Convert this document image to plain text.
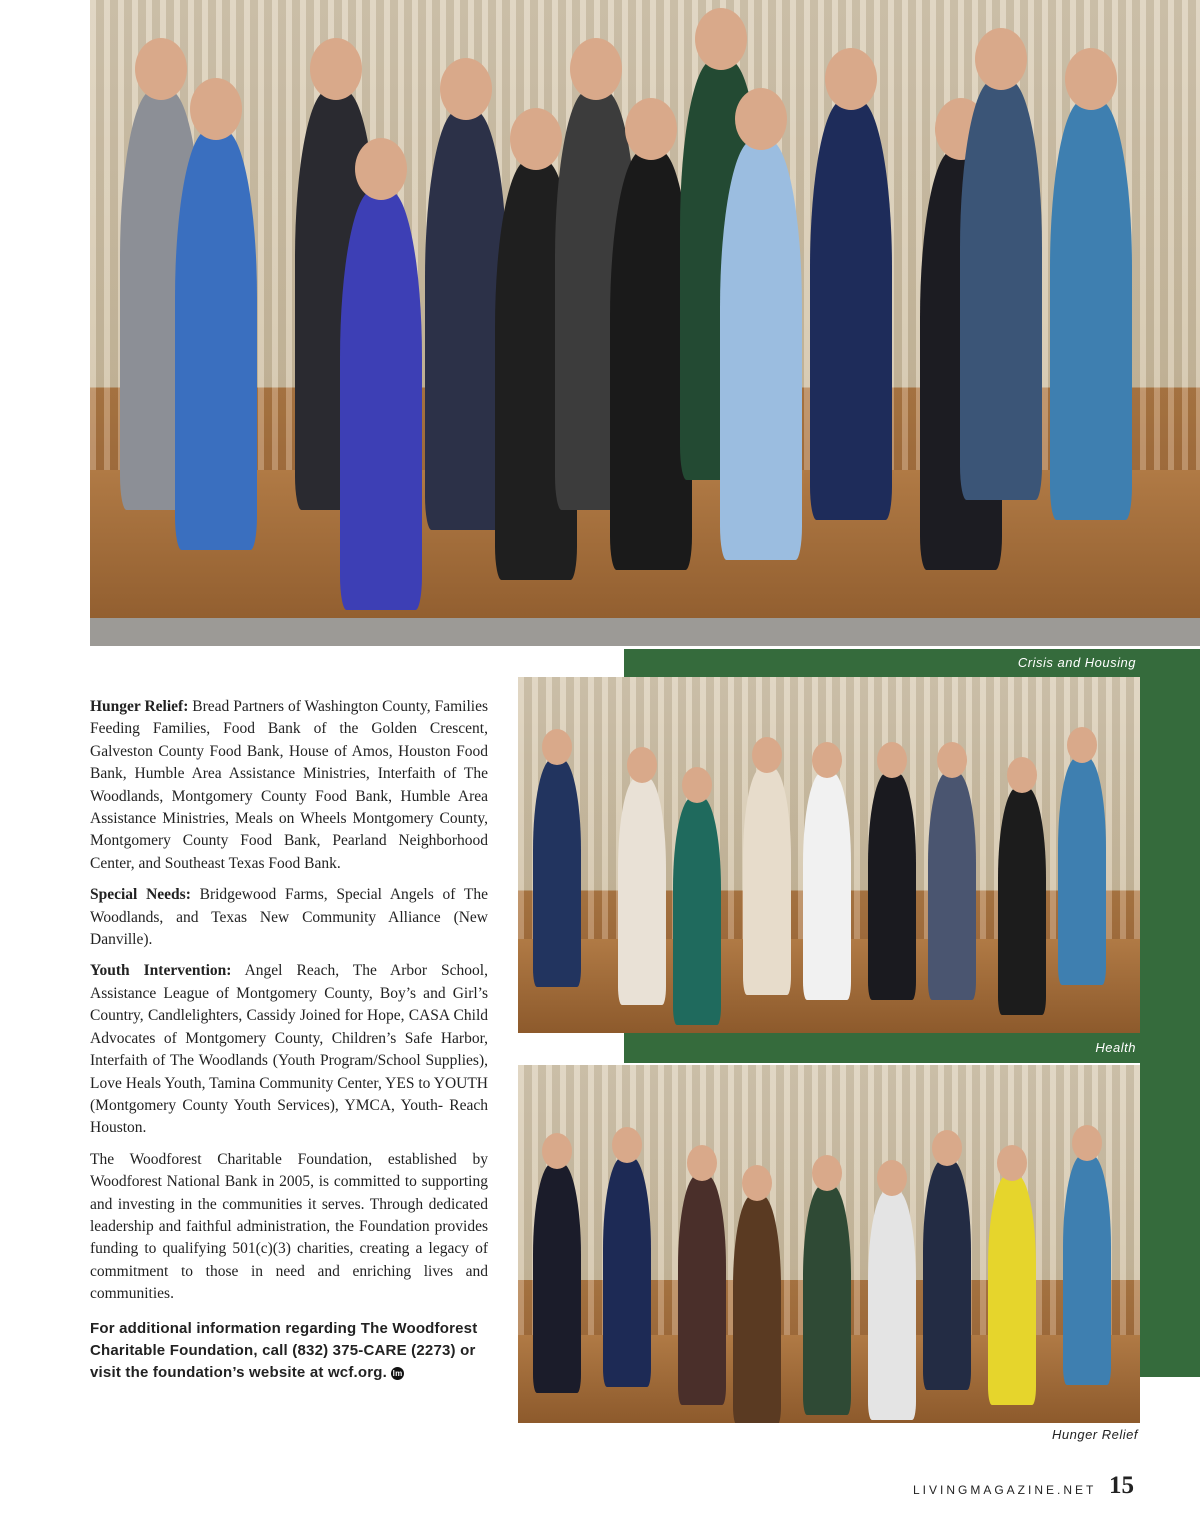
Crisis and Housing
Health
Hunger Relief

Hunger Relief: Bread Partners of Washington County, Families Feeding Families, Food Bank of the Golden Crescent, Galveston County Food Bank, House of Amos, Houston Food Bank, Humble Area Assistance Ministries, Interfaith of The Woodlands, Montgomery County Food Bank, Humble Area Assistance Ministries, Meals on Wheels Montgomery County, Montgomery County Food Bank, Pearland Neighborhood Center, and Southeast Texas Food Bank.

Special Needs: Bridgewood Farms, Special Angels of The Woodlands, and Texas New Community Alliance (New Danville).

Youth Intervention: Angel Reach, The Arbor School, Assistance League of Montgomery County, Boy’s and Girl’s Country, Candlelighters, Cassidy Joined for Hope, CASA Child Advocates of Montgomery County, Children’s Safe Harbor, Interfaith of The Woodlands (Youth Program/School Supplies), Love Heals Youth, Tamina Community Center, YES to YOUTH (Montgomery County Youth Services), YMCA, Youth- Reach Houston.

The Woodforest Charitable Foundation, established by Woodforest National Bank in 2005, is committed to supporting and investing in the communities it serves. Through dedicated leadership and faithful administration, the Foundation provides funding to qualifying 501(c)(3) charities, creating a legacy of commitment to those in need and enriching lives and communities.

For additional information regarding The Woodforest Charitable Foundation, call (832) 375-CARE (2273) or visit the foundation’s website at wcf.org. lm

LIVINGMAGAZINE.NET 15
